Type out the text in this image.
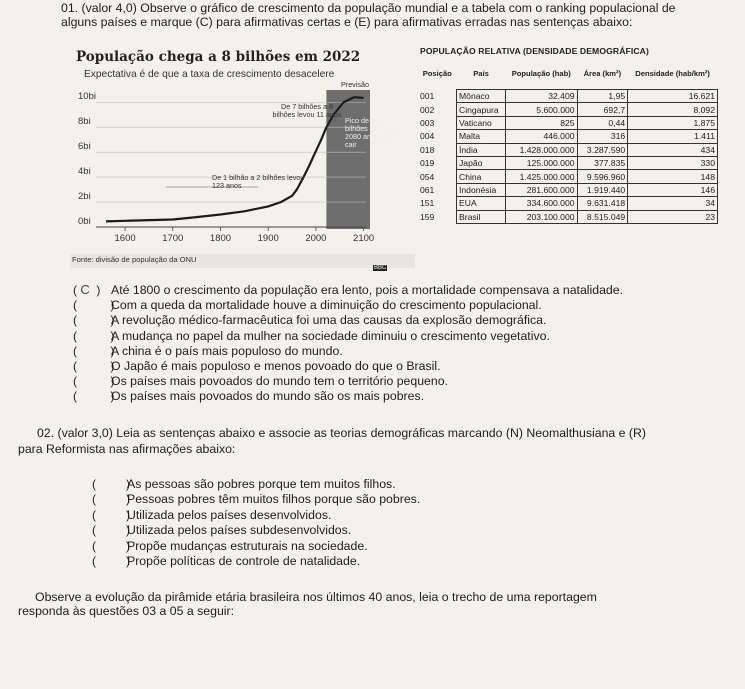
01. (valor 4,0) Observe o gráfico de crescimento da população mundial e a tabela com o ranking populacional de
alguns países e marque (C) para afirmativas certas e (E) para afirmativas erradas nas sentenças abaixo:
População chega a 8 bilhões em 2022
Expectativa é de que a taxa de crescimento desacelere
0bi
2bi
4bi
6bi
8bi
10bi
1600	1700	1800	1900	2000	2100
Previsão
De 7 bilhões a 8 bilhões levou 11 anos
Pico de 10,4 bilhões nos anos 2080 antes de cair
De 1 bilhão a 2 bilhões levou 123 anos
Fonte: divisão de população da ONU
BBC
POPULAÇÃO RELATIVA (DENSIDADE DEMOGRÁFICA)
Posição	País	População (hab)	Área (km²)	Densidade (hab/km²)
001	Mônaco	32.409	1,95	16.621
002	Cingapura	5.600.000	692,7	8.092
003	Vaticano	825	0,44	1.875
004	Malta	446.000	316	1.411
018	Índia	1.428.000.000	3.287.590	434
019	Japão	125.000.000	377.835	330
054	China	1.425.000.000	9.596.960	148
061	Indonésia	281.600.000	1.919.440	146
151	EUA	334.600.000	9.631.418	34
159	Brasil	203.100.000	8.515.049	23
( C  ) Até 1800 o crescimento da população era lento, pois a mortalidade compensava a natalidade.
(          )Com a queda da mortalidade houve a diminuição do crescimento populacional.
(          )A revolução médico-farmacêutica foi uma das causas da explosão demográfica.
(          )A mudança no papel da mulher na sociedade diminuiu o crescimento vegetativo.
(          )A china é o país mais populoso do mundo.
(          )O Japão é mais populoso e menos povoado do que o Brasil.
(          )Os países mais povoados do mundo tem o território pequeno.
(          )Os países mais povoados do mundo são os mais pobres.
02. (valor 3,0) Leia as sentenças abaixo e associe as teorias demográficas marcando (N) Neomalthusiana e (R)
para Reformista nas afirmações abaixo:
(         )As pessoas são pobres porque tem muitos filhos.
(         )Pessoas pobres têm muitos filhos porque são pobres.
(         )Utilizada pelos países desenvolvidos.
(         )Utilizada pelos países subdesenvolvidos.
(         )Propõe mudanças estruturais na sociedade.
(         )Propõe políticas de controle de natalidade.
Observe a evolução da pirâmide etária brasileira nos últimos 40 anos, leia o trecho de uma reportagem
responda às questões 03 a 05 a seguir:
